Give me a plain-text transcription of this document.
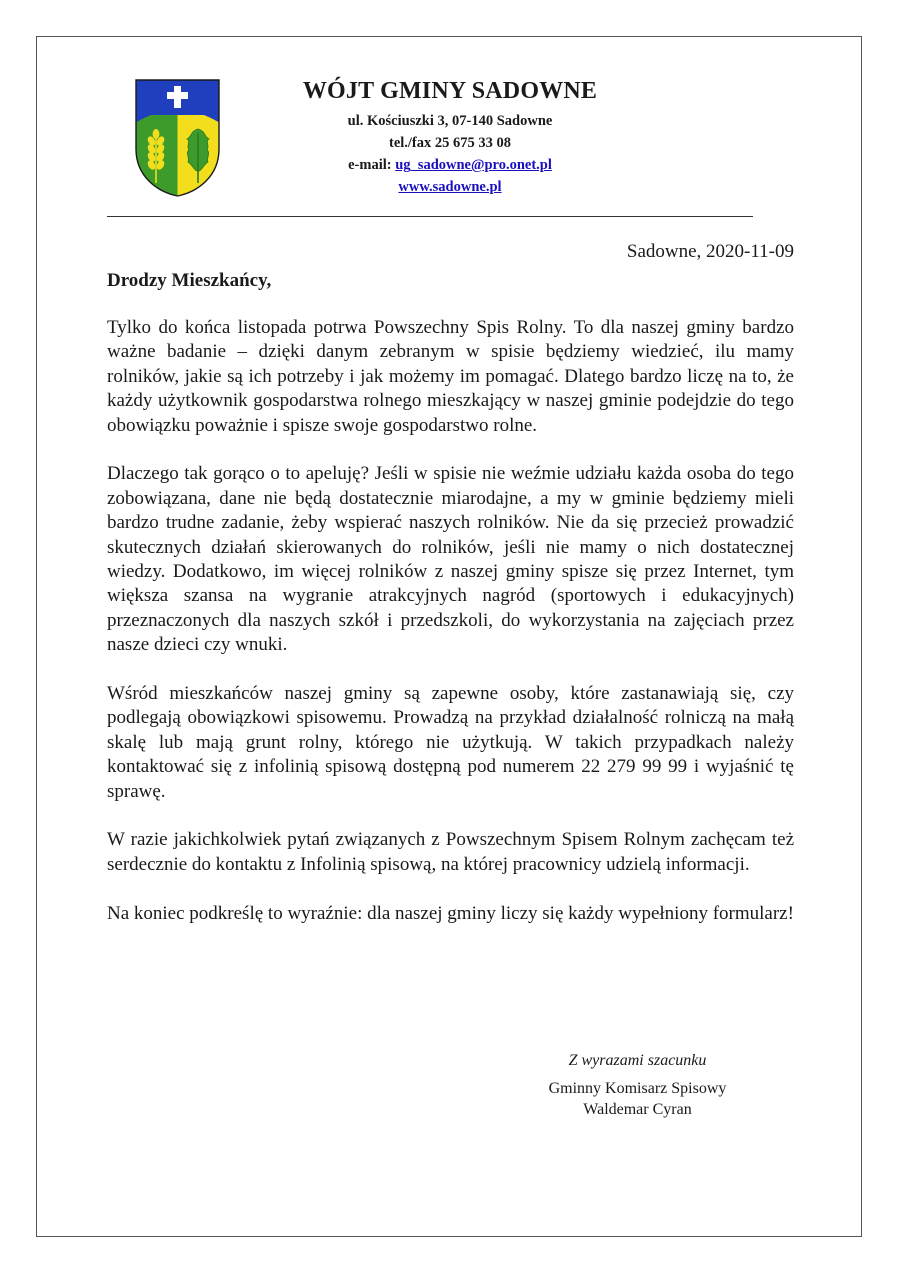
WÓJT GMINY SADOWNE
ul. Kościuszki 3, 07-140 Sadowne
tel./fax 25 675 33 08
e-mail: ug_sadowne@pro.onet.pl
www.sadowne.pl
Sadowne, 2020-11-09
Drodzy Mieszkańcy,

Tylko do końca listopada potrwa Powszechny Spis Rolny. To dla naszej gminy bardzo ważne badanie – dzięki danym zebranym w spisie będziemy wiedzieć, ilu mamy rolników, jakie są ich potrzeby i jak możemy im pomagać. Dlatego bardzo liczę na to, że każdy użytkownik gospodarstwa rolnego mieszkający w naszej gminie podejdzie do tego obowiązku poważnie i spisze swoje gospodarstwo rolne.

Dlaczego tak gorąco o to apeluję? Jeśli w spisie nie weźmie udziału każda osoba do tego zobowiązana, dane nie będą dostatecznie miarodajne, a my w gminie będziemy mieli bardzo trudne zadanie, żeby wspierać naszych rolników. Nie da się przecież prowadzić skutecznych działań skierowanych do rolników, jeśli nie mamy o nich dostatecznej wiedzy. Dodatkowo, im więcej rolników z naszej gminy spisze się przez Internet, tym większa szansa na wygranie atrakcyjnych nagród (sportowych i edukacyjnych) przeznaczonych dla naszych szkół i przedszkoli, do wykorzystania na zajęciach przez nasze dzieci czy wnuki.

Wśród mieszkańców naszej gminy są zapewne osoby, które zastanawiają się, czy podlegają obowiązkowi spisowemu. Prowadzą na przykład działalność rolniczą na małą skalę lub mają grunt rolny, którego nie użytkują. W takich przypadkach należy kontaktować się z infolinią spisową dostępną pod numerem 22 279 99 99 i wyjaśnić tę sprawę.

W razie jakichkolwiek pytań związanych z Powszechnym Spisem Rolnym zachęcam też serdecznie do kontaktu z Infolinią spisową, na której pracownicy udzielą informacji.

Na koniec podkreślę to wyraźnie: dla naszej gminy liczy się każdy wypełniony formularz!

Z wyrazami szacunku
Gminny Komisarz Spisowy
Waldemar Cyran
